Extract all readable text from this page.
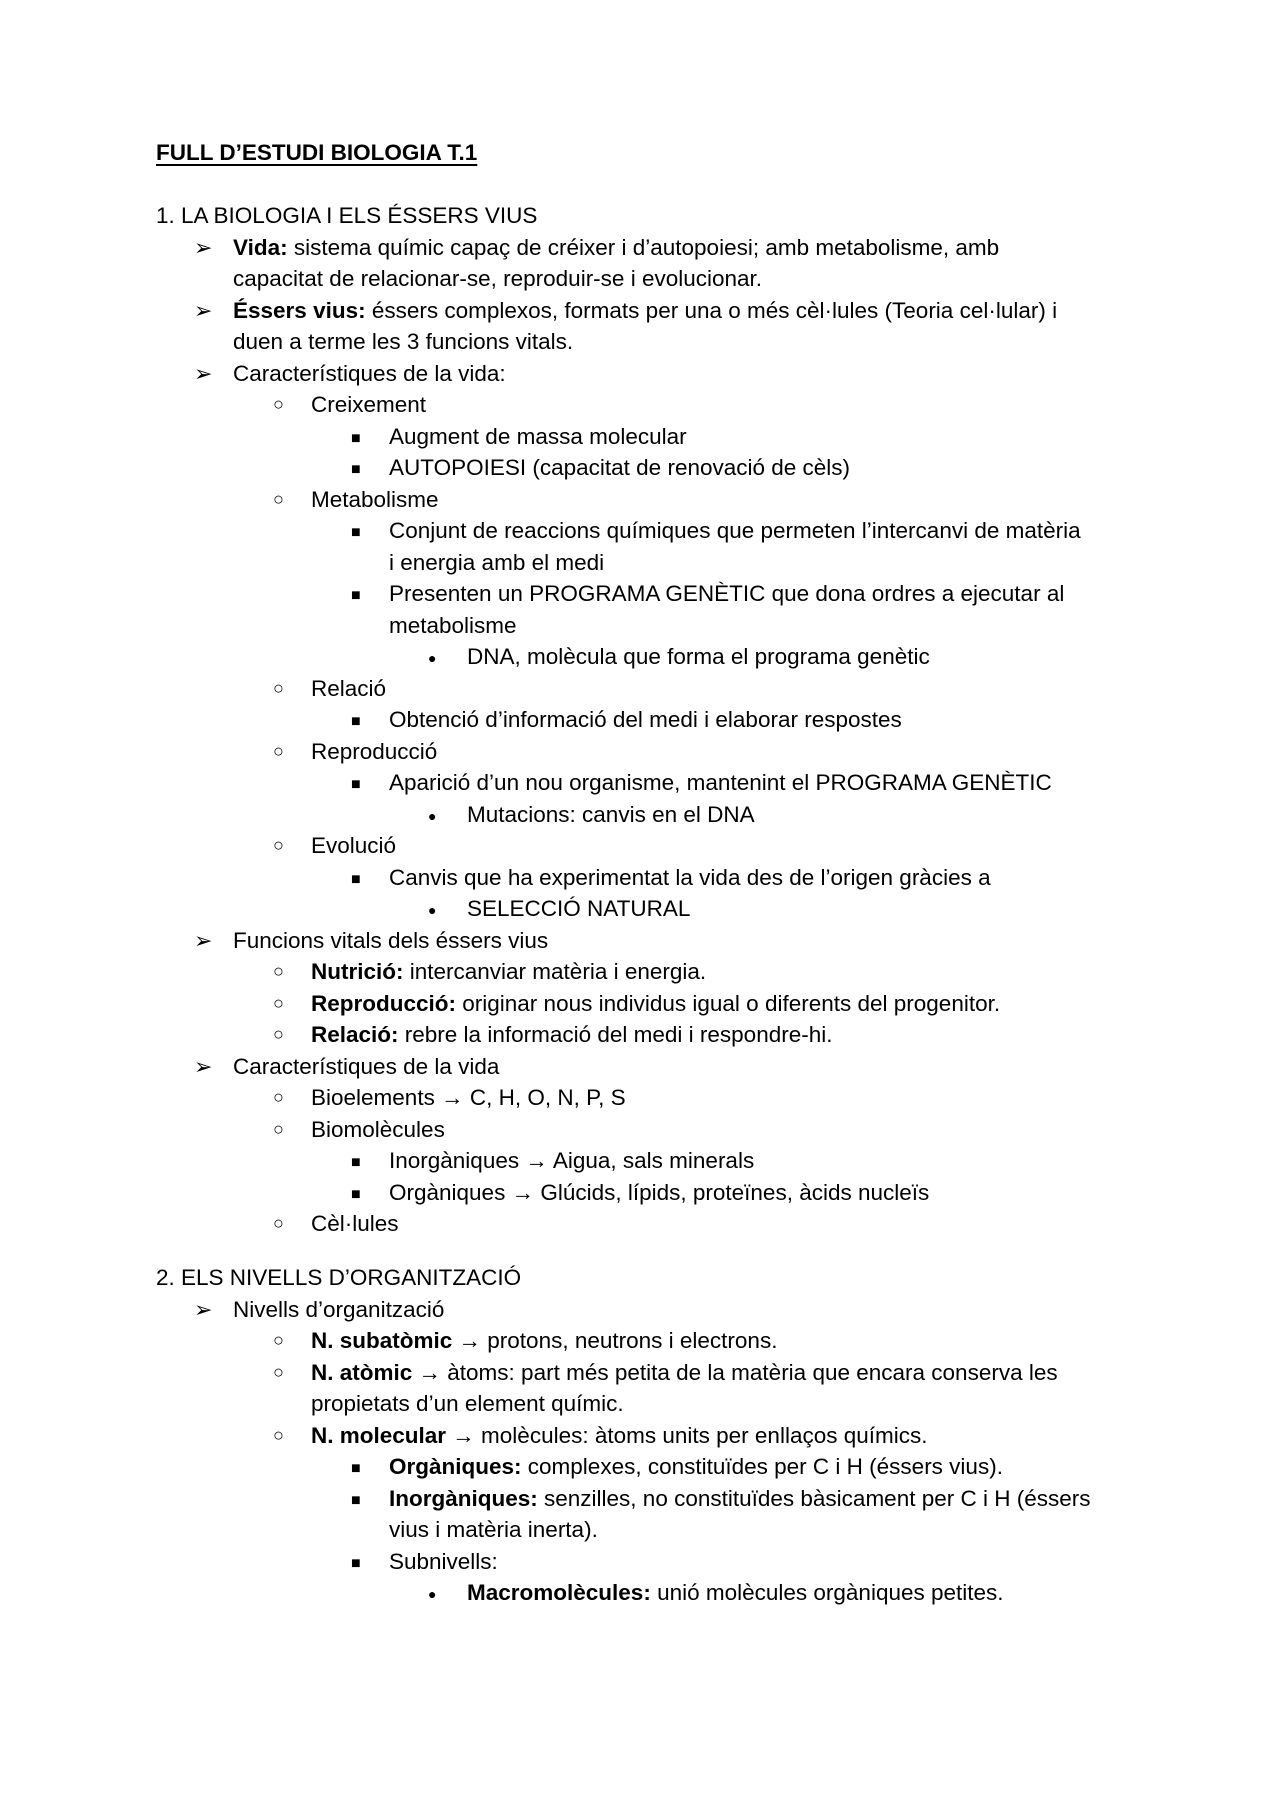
FULL D’ESTUDI BIOLOGIA T.1
1. LA BIOLOGIA I ELS ÉSSERS VIUS
➢ Vida: sistema químic capaç de créixer i d’autopoiesi; amb metabolisme, amb
capacitat de relacionar-se, reproduir-se i evolucionar.
➢ Éssers vius: éssers complexos, formats per una o més cèl·lules (Teoria cel·lular) i
duen a terme les 3 funcions vitals.
➢ Característiques de la vida:
○	Creixement
■	Augment de massa molecular
■	AUTOPOIESI (capacitat de renovació de cèls)
○	Metabolisme
■	Conjunt de reaccions químiques que permeten l’intercanvi de matèria
i energia amb el medi
■	Presenten un PROGRAMA GENÈTIC que dona ordres a ejecutar al
metabolisme
●	DNA, molècula que forma el programa genètic
○	Relació
■	Obtenció d’informació del medi i elaborar respostes
○	Reproducció
■	Aparició d’un nou organisme, mantenint el PROGRAMA GENÈTIC
●	Mutacions: canvis en el DNA
○	Evolució
■	Canvis que ha experimentat la vida des de l’origen gràcies a
●	SELECCIÓ NATURAL
➢ Funcions vitals dels éssers vius
○	Nutrició: intercanviar matèria i energia.
○	Reproducció: originar nous individus igual o diferents del progenitor.
○	Relació: rebre la informació del medi i respondre-hi.
➢ Característiques de la vida
○	Bioelements → C, H, O, N, P, S
○	Biomolècules
■	Inorgàniques → Aigua, sals minerals
■	Orgàniques → Glúcids, lípids, proteïnes, àcids nucleïs
○	Cèl·lules
2. ELS NIVELLS D’ORGANITZACIÓ
➢ Nivells d’organització
○	N. subatòmic → protons, neutrons i electrons.
○	N. atòmic → àtoms: part més petita de la matèria que encara conserva les
propietats d’un element químic.
○	N. molecular → molècules: àtoms units per enllaços químics.
■	Orgàniques: complexes, constituïdes per C i H (éssers vius).
■	Inorgàniques: senzilles, no constituïdes bàsicament per C i H (éssers
vius i matèria inerta).
■	Subnivells:
●	Macromolècules: unió molècules orgàniques petites.
